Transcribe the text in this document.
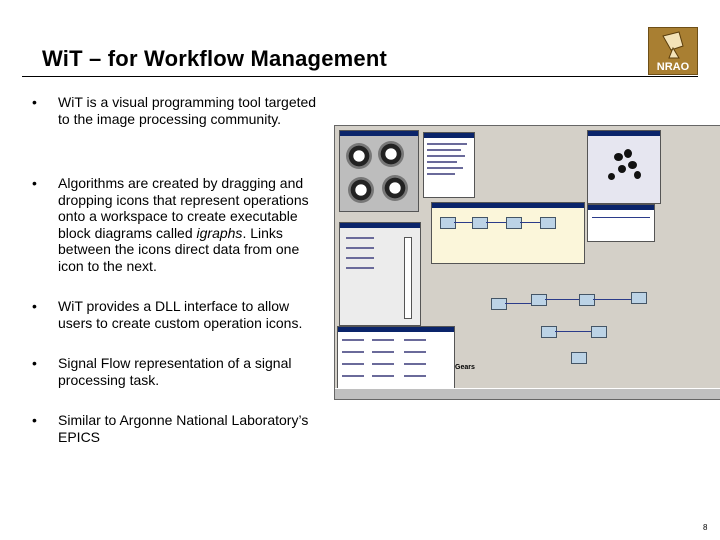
WiT – for Workflow Management	NRAO
• WiT is a visual programming tool targeted to the image processing community.
• Algorithms are created by dragging and dropping icons that represent operations onto a workspace to create executable block diagrams called igraphs. Links between the icons direct data from one icon to the next.
• WiT provides a DLL interface to allow users to create custom operation icons.
• Signal Flow representation of a signal processing task.
• Similar to Argonne National Laboratory’s EPICS
Gears
8
